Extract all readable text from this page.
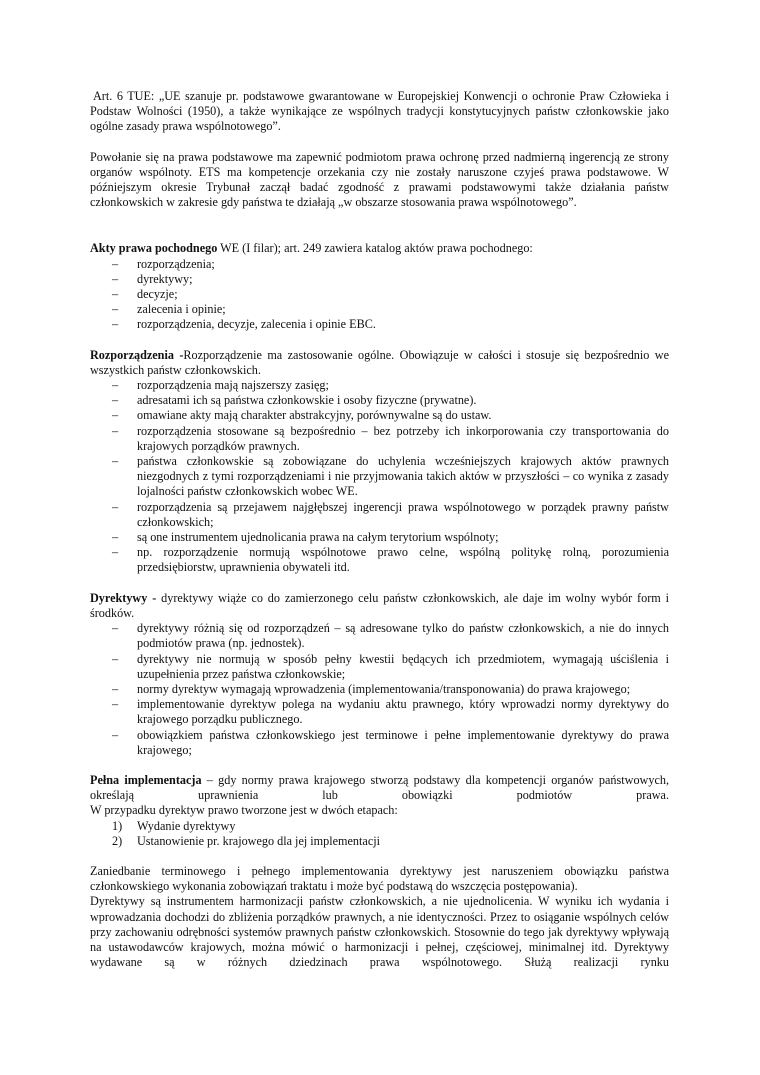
Art. 6 TUE: „UE szanuje pr. podstawowe gwarantowane w Europejskiej Konwencji o ochronie Praw Człowieka i Podstaw Wolności (1950), a także wynikające ze wspólnych tradycji konstytucyjnych państw członkowskie jako ogólne zasady prawa wspólnotowego”.

Powołanie się na prawa podstawowe ma zapewnić podmiotom prawa ochronę przed nadmierną ingerencją ze strony organów wspólnoty. ETS ma kompetencje orzekania czy nie zostały naruszone czyjeś prawa podstawowe. W późniejszym okresie Trybunał zaczął badać zgodność z prawami podstawowymi także działania państw członkowskich w zakresie gdy państwa te działają „w obszarze stosowania prawa wspólnotowego”.

Akty prawa pochodnego WE (I filar); art. 249 zawiera katalog aktów prawa pochodnego:

– rozporządzenia;
– dyrektywy;
– decyzje;
– zalecenia i opinie;
– rozporządzenia, decyzje, zalecenia i opinie EBC.

Rozporządzenia -Rozporządzenie ma zastosowanie ogólne. Obowiązuje w całości i stosuje się bezpośrednio we wszystkich państw członkowskich.

– rozporządzenia mają najszerszy zasięg;
– adresatami ich są państwa członkowskie i osoby fizyczne (prywatne).
– omawiane akty mają charakter abstrakcyjny, porównywalne są do ustaw.
– rozporządzenia stosowane są bezpośrednio – bez potrzeby ich inkorporowania czy transportowania do krajowych porządków prawnych.
– państwa członkowskie są zobowiązane do uchylenia wcześniejszych krajowych aktów prawnych niezgodnych z tymi rozporządzeniami i nie przyjmowania takich aktów w przyszłości – co wynika z zasady lojalności państw członkowskich wobec WE.
– rozporządzenia są przejawem najgłębszej ingerencji prawa wspólnotowego w porządek prawny państw członkowskich;
– są one instrumentem ujednolicania prawa na całym terytorium wspólnoty;
– np. rozporządzenie normują wspólnotowe prawo celne, wspólną politykę rolną, porozumienia przedsiębiorstw, uprawnienia obywateli itd.

Dyrektywy - dyrektywy wiąże co do zamierzonego celu państw członkowskich, ale daje im wolny wybór form i środków.

– dyrektywy różnią się od rozporządzeń – są adresowane tylko do państw członkowskich, a nie do innych podmiotów prawa (np. jednostek).
– dyrektywy nie normują w sposób pełny kwestii będących ich przedmiotem, wymagają uściślenia i uzupełnienia przez państwa członkowskie;
– normy dyrektyw wymagają wprowadzenia (implementowania/transponowania) do prawa krajowego;
– implementowanie dyrektyw polega na wydaniu aktu prawnego, który wprowadzi normy dyrektywy do krajowego porządku publicznego.
– obowiązkiem państwa członkowskiego jest terminowe i pełne implementowanie dyrektywy do prawa krajowego;

Pełna implementacja – gdy normy prawa krajowego stworzą podstawy dla kompetencji organów państwowych, określają uprawnienia lub obowiązki podmiotów prawa.

W przypadku dyrektyw prawo tworzone jest w dwóch etapach:

1) Wydanie dyrektywy
2) Ustanowienie pr. krajowego dla jej implementacji

Zaniedbanie terminowego i pełnego implementowania dyrektywy jest naruszeniem obowiązku państwa członkowskiego wykonania zobowiązań traktatu i może być podstawą do wszczęcia postępowania).

Dyrektywy są instrumentem harmonizacji państw członkowskich, a nie ujednolicenia. W wyniku ich wydania i wprowadzania dochodzi do zbliżenia porządków prawnych, a nie identyczności. Przez to osiąganie wspólnych celów przy zachowaniu odrębności systemów prawnych państw członkowskich. Stosownie do tego jak dyrektywy wpływają na ustawodawców krajowych, można mówić o harmonizacji i pełnej, częściowej, minimalnej itd. Dyrektywy wydawane są w różnych dziedzinach prawa wspólnotowego. Służą realizacji rynku
